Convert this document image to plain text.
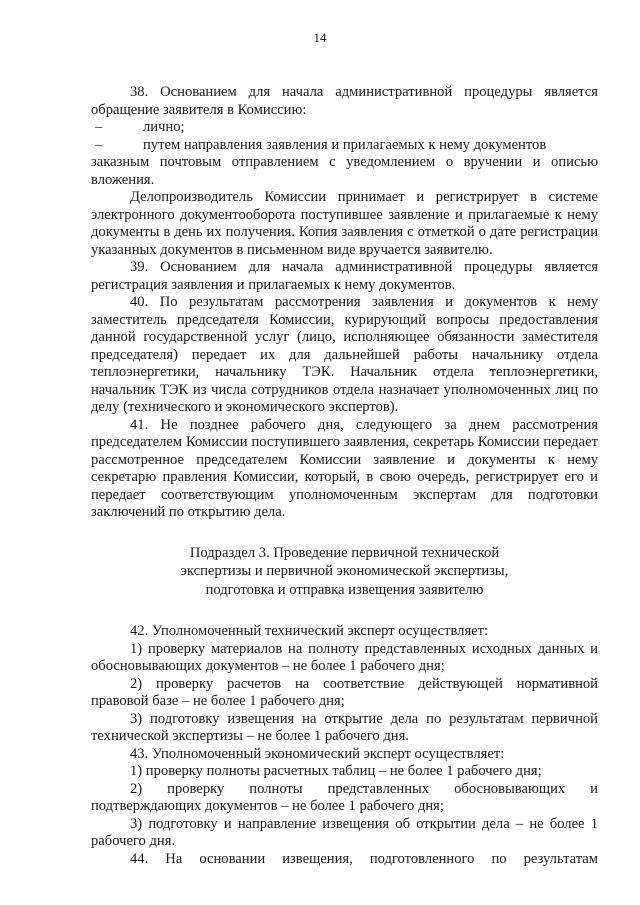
14

38. Основанием для начала административной процедуры является обращение заявителя в Комиссию:

–	лично;
–	путем направления заявления и прилагаемых к нему документов

заказным почтовым отправлением с уведомлением о вручении и описью вложения.

Делопроизводитель Комиссии принимает и регистрирует в системе электронного документооборота поступившее заявление и прилагаемые к нему документы в день их получения. Копия заявления с отметкой о дате регистрации указанных документов в письменном виде вручается заявителю.

39. Основанием для начала административной процедуры является регистрация заявления и прилагаемых к нему документов.

40. По результатам рассмотрения заявления и документов к нему заместитель председателя Комиссии, курирующий вопросы предоставления данной государственной услуг (лицо, исполняющее обязанности заместителя председателя) передает их для дальнейшей работы начальнику отдела теплоэнергетики, начальнику ТЭК. Начальник отдела теплоэнергетики, начальник ТЭК из числа сотрудников отдела назначает уполномоченных лиц по делу (технического и экономического экспертов).

41. Не позднее рабочего дня, следующего за днем рассмотрения председателем Комиссии поступившего заявления, секретарь Комиссии передает рассмотренное председателем Комиссии заявление и документы к нему секретарю правления Комиссии, который, в свою очередь, регистрирует его и передает соответствующим уполномоченным экспертам для подготовки заключений по открытию дела.

Подраздел 3. Проведение первичной технической
экспертизы и первичной экономической экспертизы,
подготовка и отправка извещения заявителю

42. Уполномоченный технический эксперт осуществляет:

1) проверку материалов на полноту представленных исходных данных и обосновывающих документов – не более 1 рабочего дня;

2) проверку расчетов на соответствие действующей нормативной правовой базе – не более 1 рабочего дня;

3) подготовку извещения на открытие дела по результатам первичной технической экспертизы – не более 1 рабочего дня.

43. Уполномоченный экономический эксперт осуществляет:

1) проверку полноты расчетных таблиц – не более 1 рабочего дня;

2) проверку полноты представленных обосновывающих и подтверждающих документов – не более 1 рабочего дня;

3) подготовку и направление извещения об открытии дела – не более 1 рабочего дня.

44. На основании извещения, подготовленного по результатам
